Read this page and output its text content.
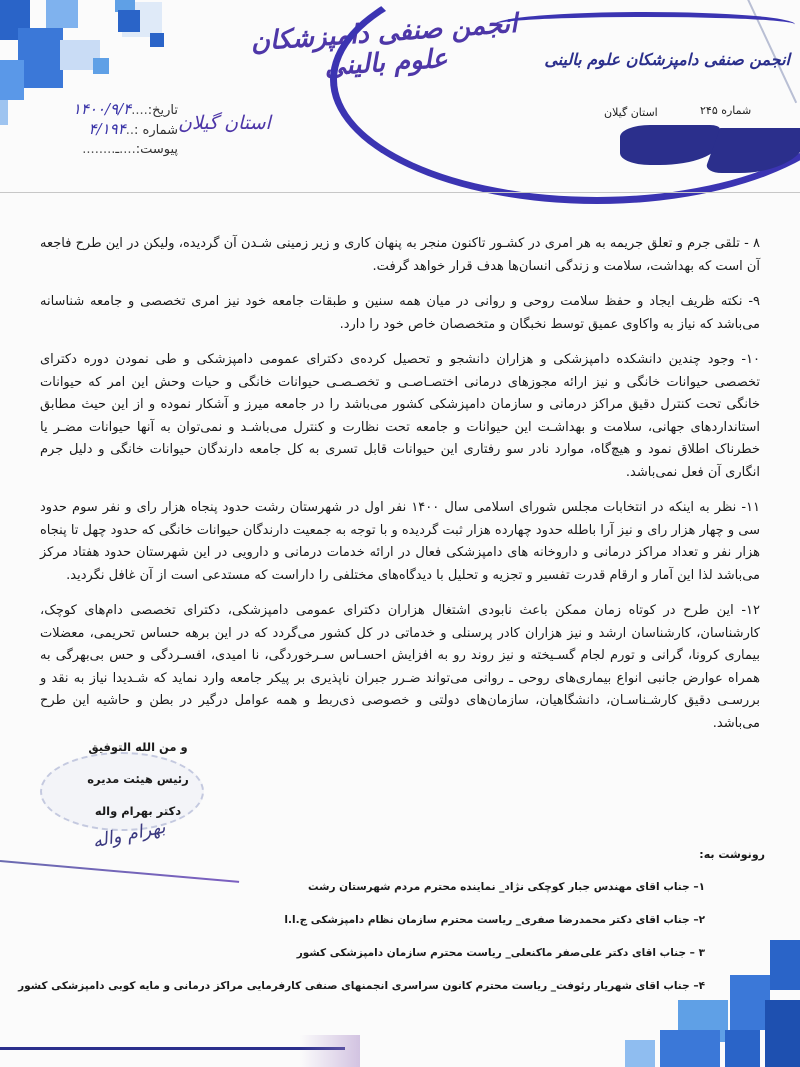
انجمن صنفی دامپزشکان علوم بالینی
استان گیلان
تاریخ:....۱۴۰۰/۹/۴
شماره :..۴/۱۹۴
پیوست:....ـ........
انجمن صنفی دامپزشکان علوم بالینی
شماره ۲۴۵
استان گیلان

۸ - تلقی جرم و تعلق جریمه به هر امری در کشـور تاکنون منجر به پنهان کاری و زیر زمینی شـدن آن گردیده، ولیکن در این طرح فاجعه آن است که بهداشت، سلامت و زندگی انسان‌ها هدف قرار خواهد گرفت.

۹- نکته ظریف ایجاد و حفظ سلامت روحی و روانی در میان همه سنین و طبقات جامعه خود نیز امری تخصصی و جامعه شناسانه می‌باشد که نیاز به واکاوی عمیق توسط نخبگان و متخصصان خاص خود را دارد.

۱۰- وجود چندین دانشکده دامپزشکی و هزاران دانشجو و تحصیل کرده‌ی دکترای عمومی دامپزشکی و طی نمودن دوره دکترای تخصصی حیوانات خانگی و نیز ارائه مجوزهای درمانی اختصـاصـی و تخصـصـی حیوانات خانگی و حیات وحش این امر که حیوانات خانگی تحت کنترل دقیق مراکز درمانی و سازمان دامپزشکی کشور می‌باشد را در جامعه میرز و آشکار نموده و از این حیث مطابق استانداردهای جهانی، سلامت و بهداشـت این حیوانات و جامعه تحت نظارت و کنترل می‌باشـد و نمی‌توان به آنها حیوانات مضـر یا خطرناک اطلاق نمود و هیچ‌گاه، موارد نادر سو رفتاری این حیوانات قابل تسری به کل جامعه دارندگان حیوانات خانگی و دلیل جرم انگاری آن فعل نمی‌باشد.

۱۱- نظر به اینکه در انتخابات مجلس شورای اسلامی سال ۱۴۰۰ نفر اول در شهرستان رشت حدود پنجاه هزار رای و نفر سوم حدود سی و چهار هزار رای و نیز آرا باطله حدود چهارده هزار ثبت گردیده و با توجه به جمعیت دارندگان حیوانات خانگی که حدود چهل تا پنجاه هزار نفر و تعداد مراکز درمانی و داروخانه های دامپزشکی فعال در ارائه خدمات درمانی و دارویی در این شهرستان حدود هفتاد مرکز می‌باشد لذا این آمار و ارقام قدرت تفسیر و تجزیه و تحلیل با دیدگاه‌های مختلفی را داراست که مستدعی است از آن غافل نگردید.

۱۲- این طرح در کوتاه زمان ممکن باعث نابودی اشتغال هزاران دکترای عمومی دامپزشکی، دکترای تخصصی دام‌های کوچک، کارشناسان، کارشناسان ارشد و نیز هزاران کادر پرسنلی و خدماتی در کل کشور می‌گردد که در این برهه حساس تحریمی، معضلات بیماری کرونا، گرانی و تورم لجام گسـیخته و نیز روند رو به افزایش احسـاس سـرخوردگی، نا امیدی، افسـردگی و حس بی‌بهرگی به همراه عوارض جانبی انواع بیماری‌های روحی ـ روانی می‌تواند ضـرر جبران ناپذیری بر پیکر جامعه وارد نماید که شـدیدا نیاز به نقد و بررسـی دقیق کارشـناسـان، دانشگاهیان، سازمان‌های دولتی و خصوصی ذی‌ربط و همه عوامل درگیر در بطن و حاشیه این طرح می‌باشد.

و من الله التوفیق
رئیس هیئت مدیره
دکتر بهرام واله
بهرام واله
رونوشت به:
۱– جناب اقای مهندس جبار کوچکی نژاد_ نماینده محترم مردم شهرستان رشت
۲– جناب اقای دکتر محمدرضا صفری_ ریاست محترم سازمان نظام دامپزشکی ج.ا.ا
۳ – جناب اقای دکتر علی‌صفر ماکنعلی_ ریاست محترم سازمان دامپزشکی کشور
۴– جناب اقای شهریار رئوفت_ ریاست محترم کانون سراسری انجمنهای صنفی کارفرمایی مراکز درمانی و مایه کوبی دامپزشکی کشور
